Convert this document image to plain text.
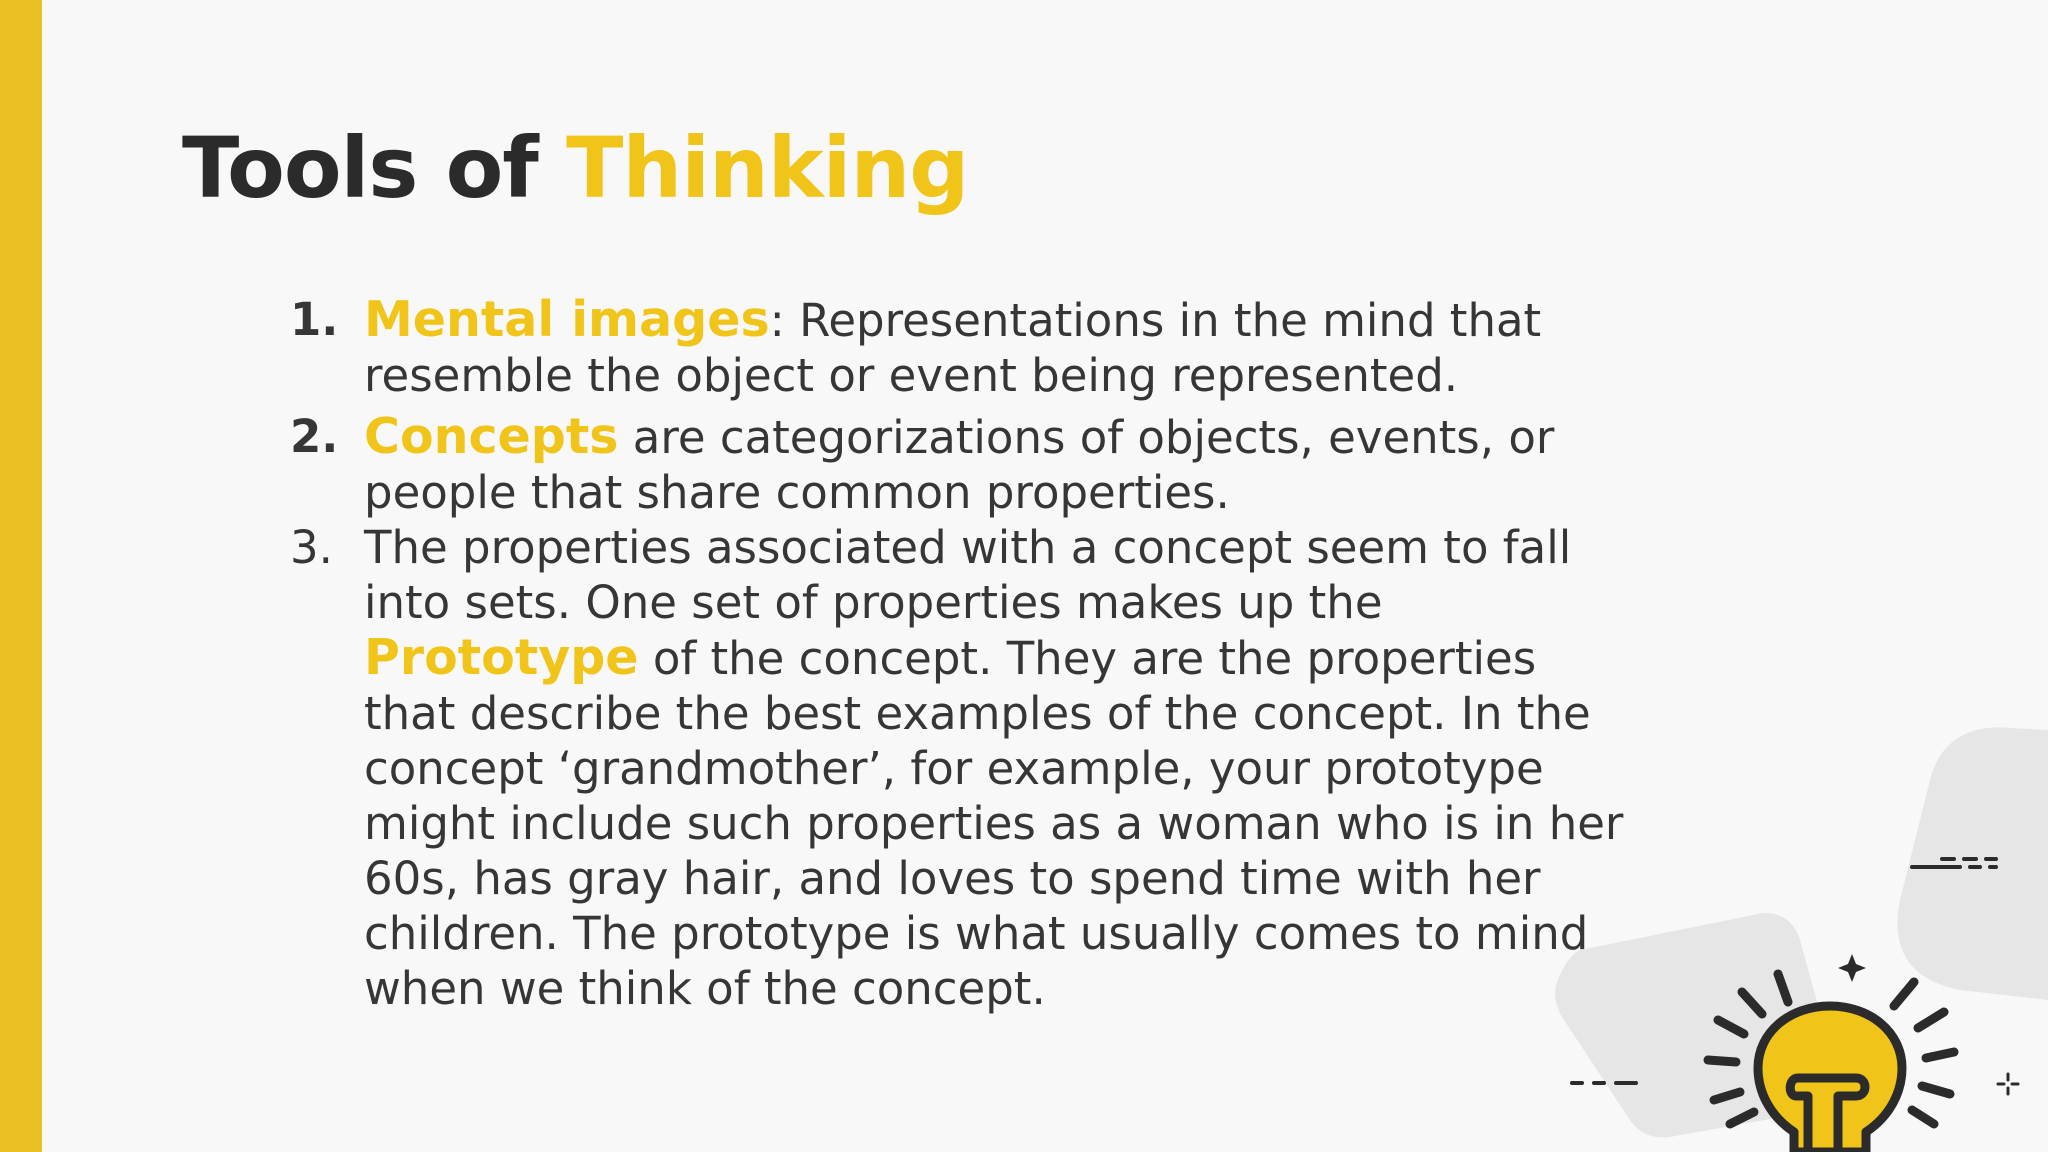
Tools of Thinking
1. Mental images: Representations in the mind that resemble the object or event being represented.
2. Concepts are categorizations of objects, events, or people that share common properties.
3. The properties associated with a concept seem to fall into sets. One set of properties makes up the Prototype of the concept. They are the properties that describe the best examples of the concept. In the concept ‘grandmother’, for example, your prototype might include such properties as a woman who is in her 60s, has gray hair, and loves to spend time with her children. The prototype is what usually comes to mind when we think of the concept.
